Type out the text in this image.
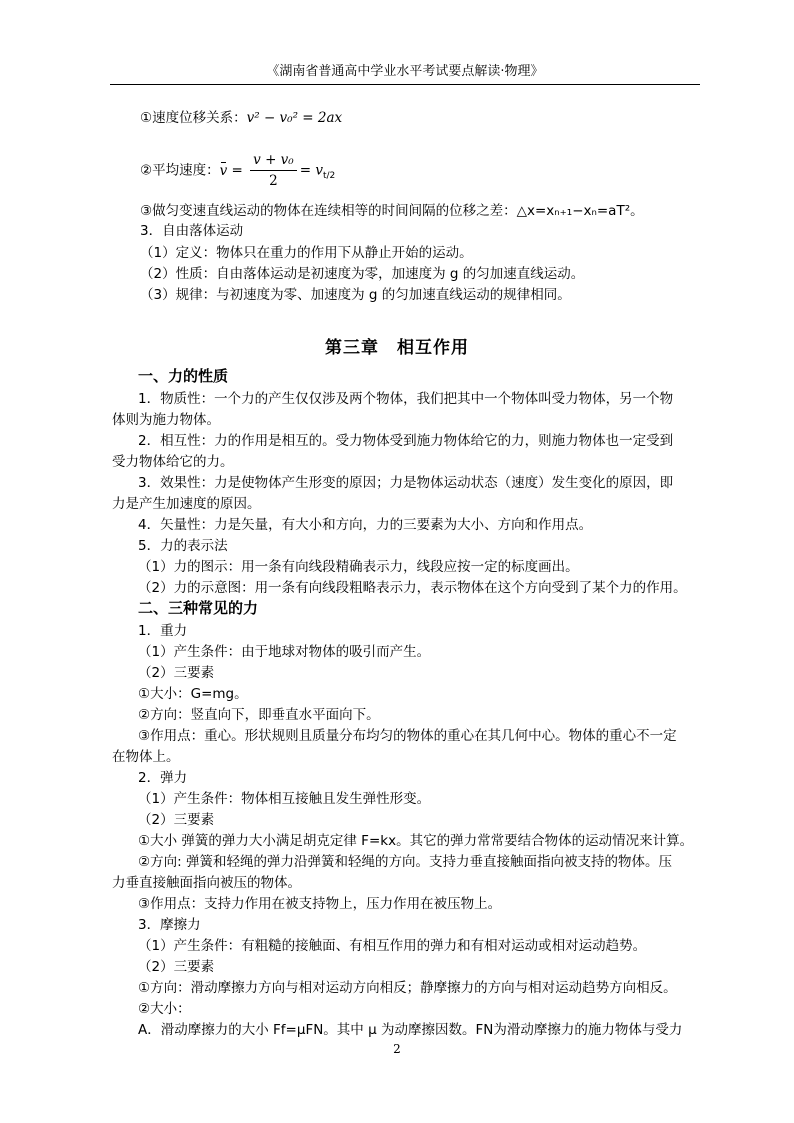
《湖南省普通高中学业水平考试要点解读·物理》
①速度位移关系：v² − v₀² = 2ax
②平均速度：$v = \frac{\text{v + v₀}}{2} = v_{t/2}$
③做匀变速直线运动的物体在连续相等的时间间隔的位移之差：△x=xₙ₊₁−xₙ=aT²。
3．自由落体运动
（1）定义：物体只在重力的作用下从静止开始的运动。
（2）性质：自由落体运动是初速度为零，加速度为 g 的匀加速直线运动。
（3）规律：与初速度为零、加速度为 g 的匀加速直线运动的规律相同。
第三章　相互作用
一、力的性质
1．物质性：一个力的产生仅仅涉及两个物体，我们把其中一个物体叫受力物体，另一个物
体则为施力物体。
2．相互性：力的作用是相互的。受力物体受到施力物体给它的力，则施力物体也一定受到
受力物体给它的力。
3．效果性：力是使物体产生形变的原因；力是物体运动状态（速度）发生变化的原因，即
力是产生加速度的原因。
4．矢量性：力是矢量，有大小和方向，力的三要素为大小、方向和作用点。
5．力的表示法
（1）力的图示：用一条有向线段精确表示力，线段应按一定的标度画出。
（2）力的示意图：用一条有向线段粗略表示力，表示物体在这个方向受到了某个力的作用。
二、三种常见的力
1．重力
（1）产生条件：由于地球对物体的吸引而产生。
（2）三要素
①大小：G=mg。
②方向：竖直向下，即垂直水平面向下。
③作用点：重心。形状规则且质量分布均匀的物体的重心在其几何中心。物体的重心不一定
在物体上。
2．弹力
（1）产生条件：物体相互接触且发生弹性形变。
（2）三要素
①大小 弹簧的弹力大小满足胡克定律 F=kx。其它的弹力常常要结合物体的运动情况来计算。
②方向: 弹簧和轻绳的弹力沿弹簧和轻绳的方向。支持力垂直接触面指向被支持的物体。压
力垂直接触面指向被压的物体。
③作用点：支持力作用在被支持物上，压力作用在被压物上。
3．摩擦力
（1）产生条件：有粗糙的接触面、有相互作用的弹力和有相对运动或相对运动趋势。
（2）三要素
①方向：滑动摩擦力方向与相对运动方向相反；静摩擦力的方向与相对运动趋势方向相反。
②大小：
A．滑动摩擦力的大小 Ff=μFN。其中 μ 为动摩擦因数。FN为滑动摩擦力的施力物体与受力
2
